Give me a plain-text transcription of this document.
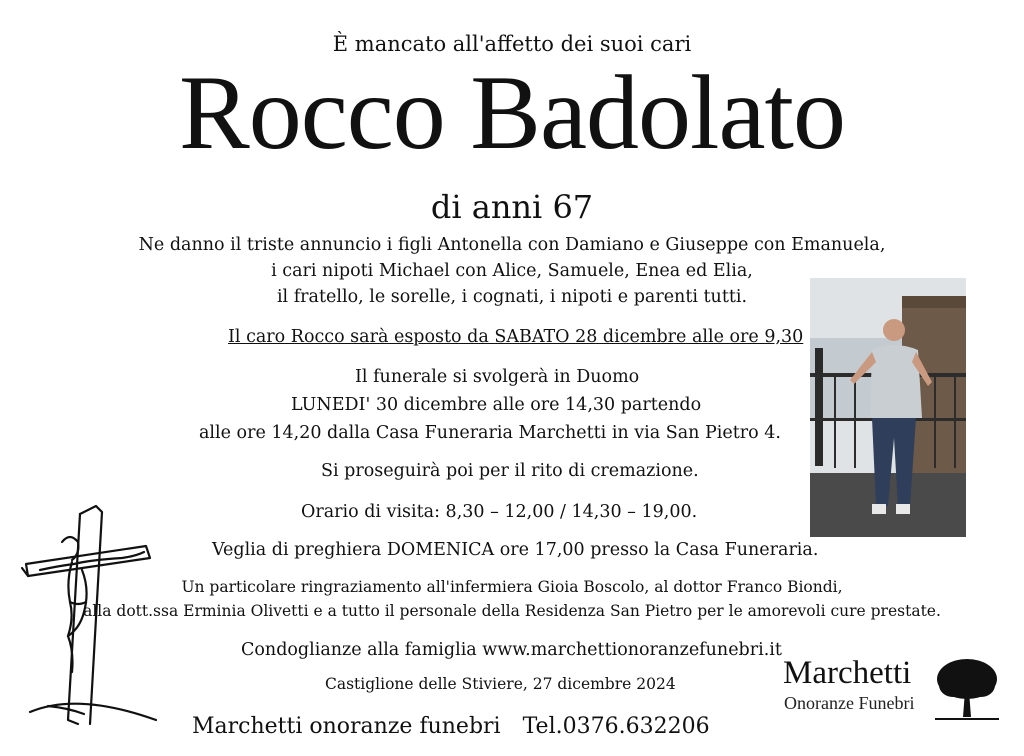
È mancato all'affetto dei suoi cari
Rocco Badolato
di anni 67
Ne danno il triste annuncio i figli Antonella con Damiano e Giuseppe con Emanuela,
i cari nipoti Michael con Alice, Samuele, Enea ed Elia,
il fratello, le sorelle, i cognati, i nipoti e parenti tutti.
Il caro Rocco sarà esposto da SABATO 28 dicembre alle ore 9,30
Il funerale si svolgerà in Duomo
LUNEDI' 30 dicembre alle ore 14,30 partendo
alle ore 14,20 dalla Casa Funeraria Marchetti in via San Pietro 4.
Si proseguirà poi per il rito di cremazione.
Orario di visita: 8,30 – 12,00 / 14,30 – 19,00.
Veglia di preghiera DOMENICA ore 17,00 presso la Casa Funeraria.
Un particolare ringraziamento all'infermiera Gioia Boscolo, al dottor Franco Biondi,
alla dott.ssa Erminia Olivetti e a tutto il personale della Residenza San Pietro per le amorevoli cure prestate.
Condoglianze alla famiglia www.marchettionoranzefunebri.it
Castiglione delle Stiviere, 27 dicembre 2024
Marchetti onoranze funebri Tel.0376.632206
Marchetti
Onoranze Funebri
